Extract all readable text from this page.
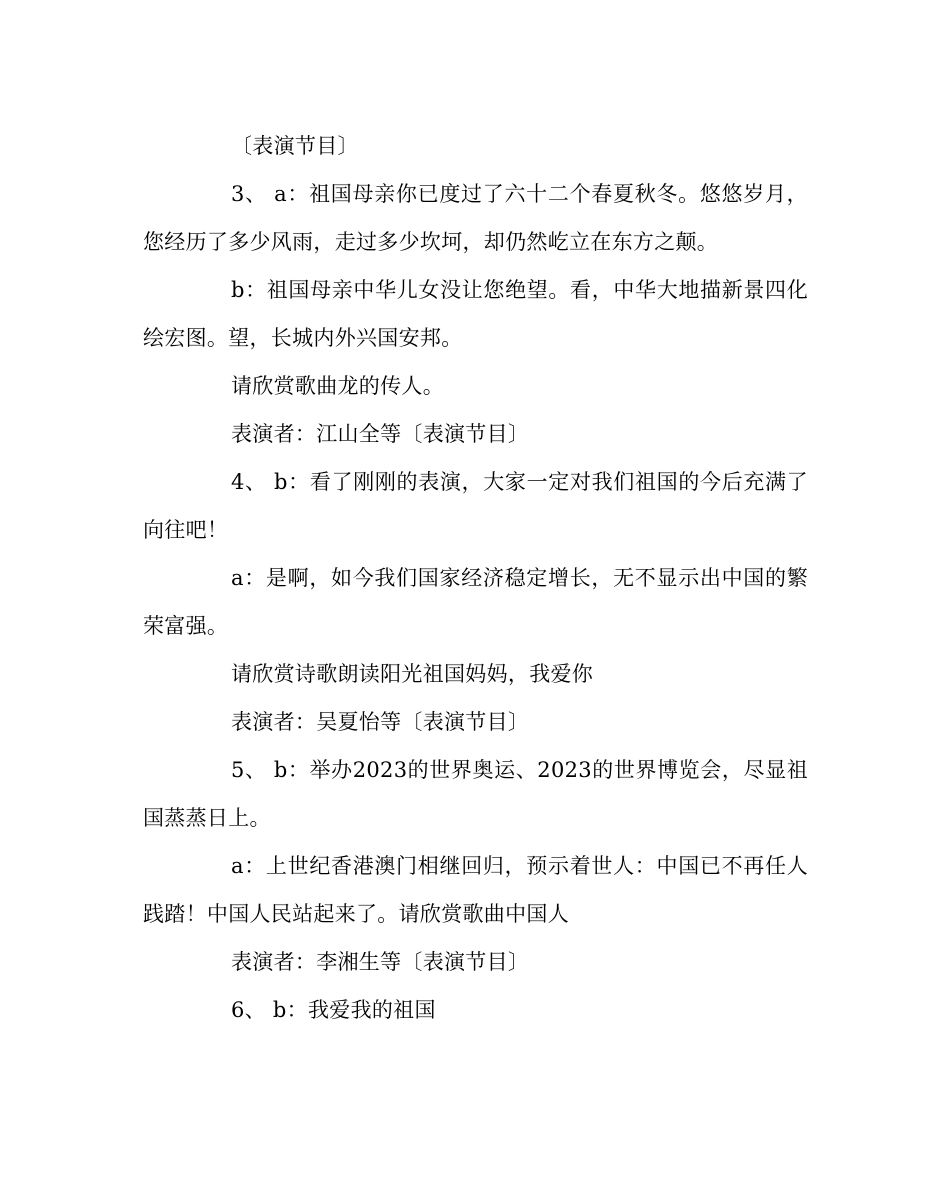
〔表演节目〕

3、 a：祖国母亲你已度过了六十二个春夏秋冬。悠悠岁月，您经历了多少风雨，走过多少坎坷，却仍然屹立在东方之颠。

b：祖国母亲中华儿女没让您绝望。看，中华大地描新景四化绘宏图。望，长城内外兴国安邦。

请欣赏歌曲龙的传人。

表演者：江山全等〔表演节目〕

4、 b：看了刚刚的表演，大家一定对我们祖国的今后充满了向往吧！

a：是啊，如今我们国家经济稳定增长，无不显示出中国的繁荣富强。

请欣赏诗歌朗读阳光祖国妈妈，我爱你

表演者：吴夏怡等〔表演节目〕

5、 b：举办2023的世界奥运、2023的世界博览会，尽显祖国蒸蒸日上。

a：上世纪香港澳门相继回归，预示着世人：中国已不再任人践踏！中国人民站起来了。请欣赏歌曲中国人

表演者：李湘生等〔表演节目〕

6、 b：我爱我的祖国
